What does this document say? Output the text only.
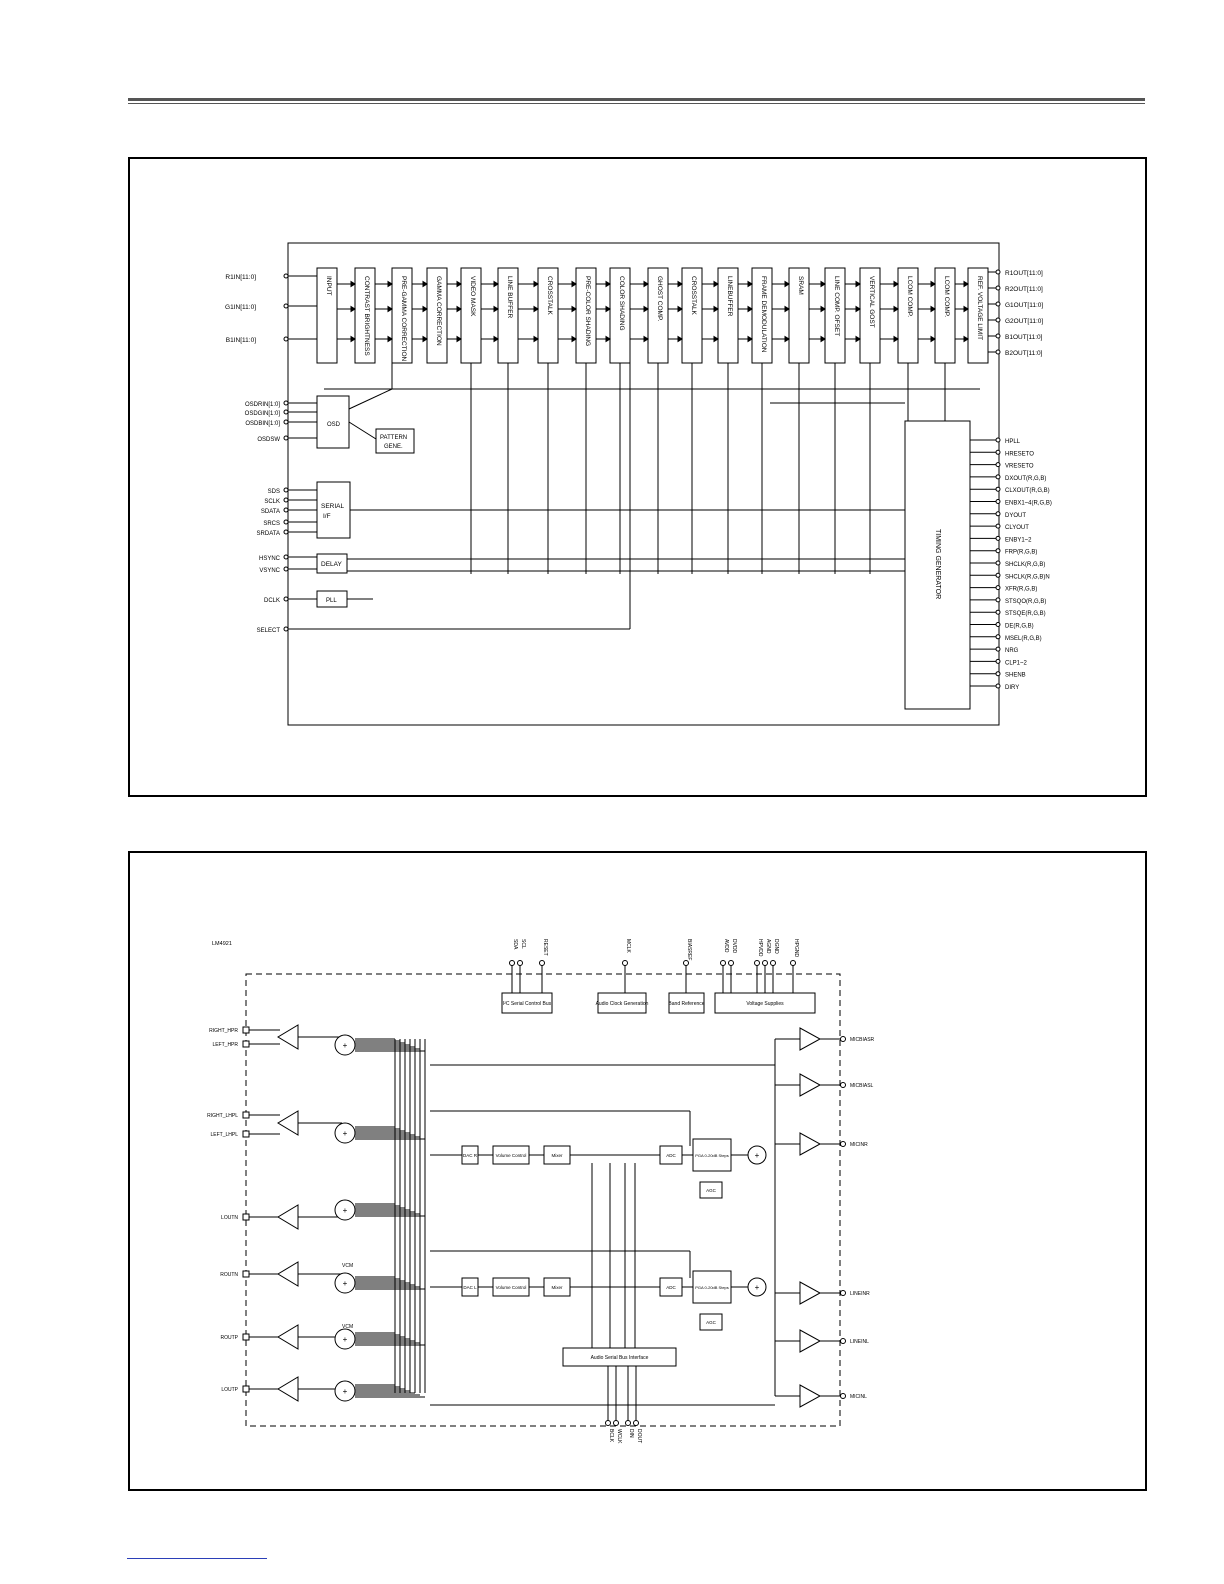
INPUT	CONTRAST BRIGHTNESS	PRE-GAMMA CORRECTION	GAMMA CORRECTION	VIDEO MASK	LINE BUFFER	CROSSTALK	PRE-COLOR SHADING	COLOR SHADING	GHOST COMP.	CROSSTALK	LINEBUFFER	FRAME DEMODULATION	SRAM	LINE COMP. OFSET	VERTICAL GOST	LCOM COMP.	LCOM COMP.	REF. VOLTAGE LIMIT
R1IN[11:0]
G1IN[11:0]
B1IN[11:0]
OSDRIN[1:0]
OSDGIN[1:0]
OSDBIN[1:0]
OSDSW
SDS
SCLK
SDATA
SRCS
SRDATA
HSYNC
VSYNC
DCLK
SELECT
R1OUT[11:0]
R2OUT[11:0]
G1OUT[11:0]
G2OUT[11:0]
B1OUT[11:0]
B2OUT[11:0]
HPLL
HRESETO
VRESETO
DXOUT(R,G,B)
CLXOUT(R,G,B)
ENBX1~4(R,G,B)
DYOUT
CLYOUT
ENBY1~2
FRP(R,G,B)
SHCLK(R,G,B)
SHCLK(R,G,B)N
XFR(R,G,B)
STSQO(R,G,B)
STSQE(R,G,B)
DE(R,G,B)
MSEL(R,G,B)
NRG
CLP1~2
SHENB
DIRY
OSD
PATTERN
GENE.
SERIAL
I/F
DELAY
PLL
TIMING GENERATOR
I²C Serial Control Bus	Audio Clock Generation	Band Reference	Voltage Supplies
+
+
+
+
+
+
VCM
VCM
DAC R	Volume Control	Mixer	ADC	PGA 0-20dB Steps
AGC
+
DAC L	Volume Control	Mixer	ADC	PGA 0-20dB Steps
AGC
+
Audio Serial Bus Interface
LM4921	SDA SCL	RESET	MCLK	BIASREF	AVDD DVDD	HPVDD AGND DGND	HPGND
RIGHT_HPR
LEFT_HPR
RIGHT_LHPL
LEFT_LHPL
LOUTN
ROUTN
ROUTP
LOUTP
BCLK WCLK DIN DOUT
MICBIASR
MICBIASL
MICINR
LINEINR
LINEINL
MICINL
